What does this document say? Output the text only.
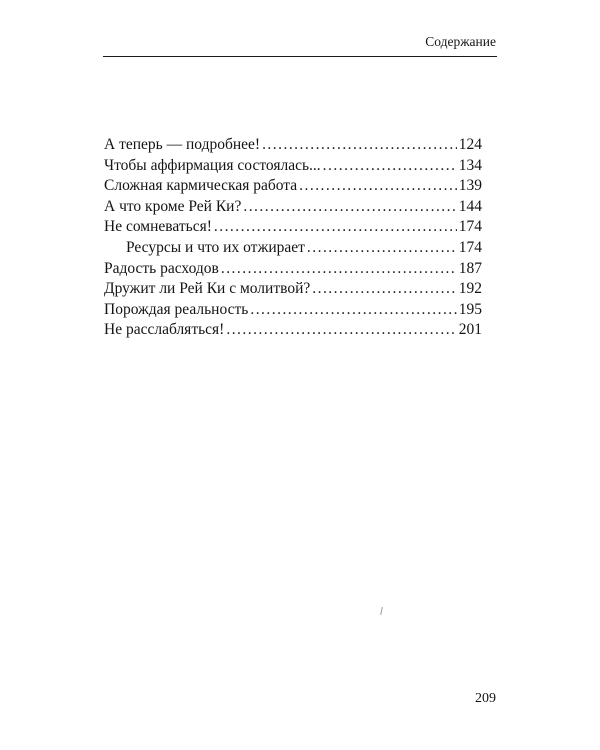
Содержание
А теперь — подробнее! . . .	124
Чтобы аффирмация состоялась... . . .	134
Сложная кармическая работа . . .	139
А что кроме Рей Ки? . . .	144
Не сомневаться! . . .	174
Ресурсы и что их отжирает . . .	174
Радость расходов . . .	187
Дружит ли Рей Ки с молитвой? . . .	192
Порождая реальность . . .	195
Не расслабляться! . . .	201
209
